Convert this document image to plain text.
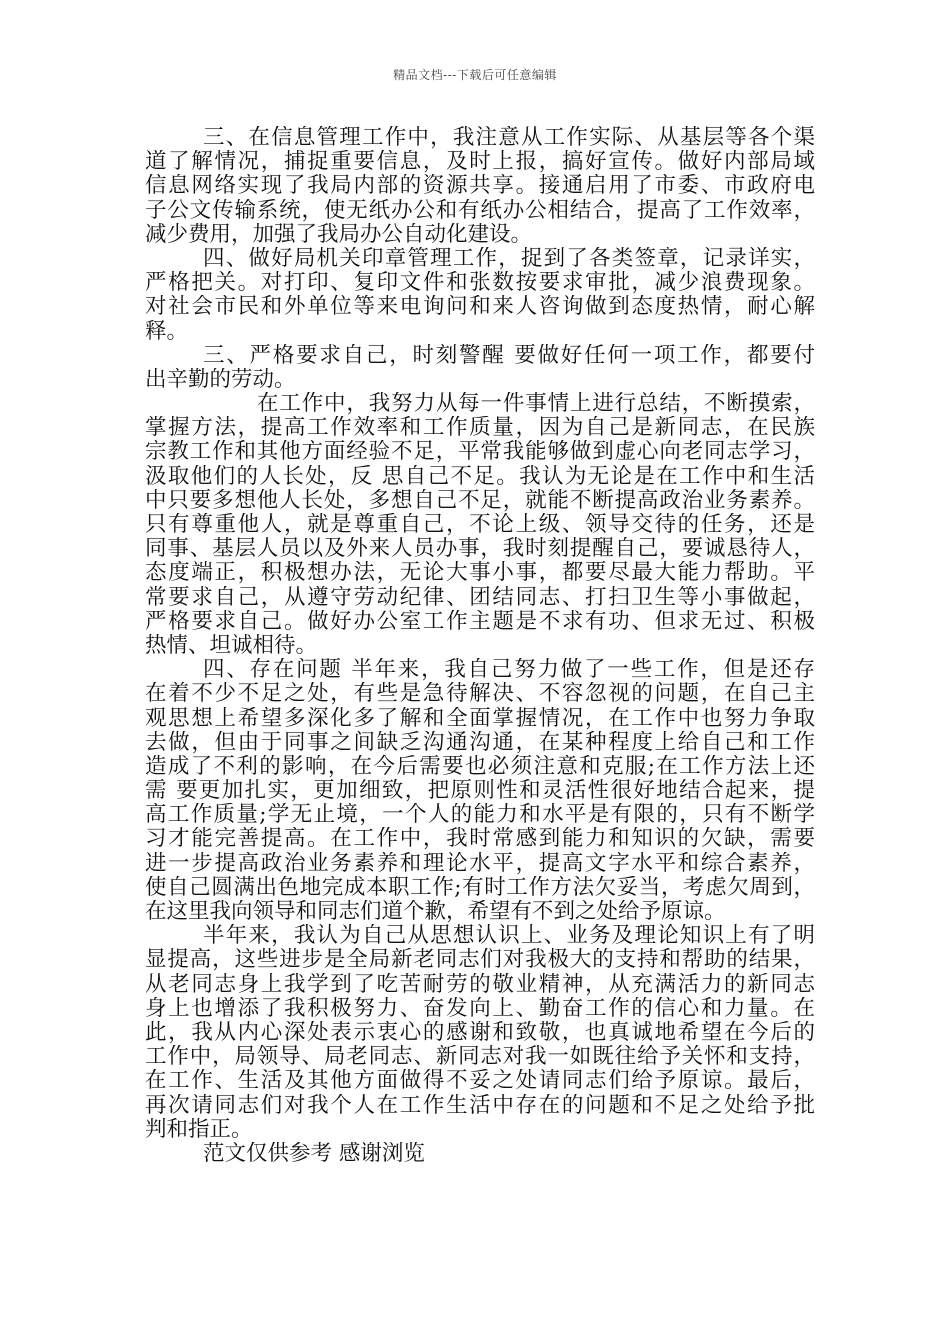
精品文档---下载后可任意编辑
三、在信息管理工作中，我注意从工作实际、从基层等各个渠
道了解情况，捕捉重要信息，及时上报，搞好宣传。做好内部局域
信息网络实现了我局内部的资源共享。接通启用了市委、市政府电
子公文传输系统，使无纸办公和有纸办公相结合，提高了工作效率，
减少费用，加强了我局办公自动化建设。
四、做好局机关印章管理工作，捉到了各类签章，记录详实，
严格把关。对打印、复印文件和张数按要求审批，减少浪费现象。
对社会市民和外单位等来电询问和来人咨询做到态度热情，耐心解
释。
三、严格要求自己，时刻警醒 要做好任何一项工作，都要付
出辛勤的劳动。
在工作中，我努力从每一件事情上进行总结，不断摸索，
掌握方法，提高工作效率和工作质量，因为自己是新同志，在民族
宗教工作和其他方面经验不足，平常我能够做到虚心向老同志学习，
汲取他们的人长处，反 思自己不足。我认为无论是在工作中和生活
中只要多想他人长处，多想自己不足，就能不断提高政治业务素养。
只有尊重他人，就是尊重自己，不论上级、领导交待的任务，还是
同事、基层人员以及外来人员办事，我时刻提醒自己，要诚恳待人，
态度端正，积极想办法，无论大事小事，都要尽最大能力帮助。平
常要求自己，从遵守劳动纪律、团结同志、打扫卫生等小事做起，
严格要求自己。做好办公室工作主题是不求有功、但求无过、积极
热情、坦诚相待。
四、存在问题 半年来，我自己努力做了一些工作，但是还存
在着不少不足之处，有些是急待解决、不容忽视的问题，在自己主
观思想上希望多深化多了解和全面掌握情况，在工作中也努力争取
去做，但由于同事之间缺乏沟通沟通，在某种程度上给自己和工作
造成了不利的影响，在今后需要也必须注意和克服;在工作方法上还
需 要更加扎实，更加细致，把原则性和灵活性很好地结合起来，提
高工作质量;学无止境，一个人的能力和水平是有限的，只有不断学
习才能完善提高。在工作中，我时常感到能力和知识的欠缺，需要
进一步提高政治业务素养和理论水平，提高文字水平和综合素养，
使自己圆满出色地完成本职工作;有时工作方法欠妥当，考虑欠周到，
在这里我向领导和同志们道个歉，希望有不到之处给予原谅。
半年来，我认为自己从思想认识上、业务及理论知识上有了明
显提高，这些进步是全局新老同志们对我极大的支持和帮助的结果，
从老同志身上我学到了吃苦耐劳的敬业精神，从充满活力的新同志
身上也增添了我积极努力、奋发向上、勤奋工作的信心和力量。在
此，我从内心深处表示衷心的感谢和致敬，也真诚地希望在今后的
工作中，局领导、局老同志、新同志对我一如既往给予关怀和支持，
在工作、生活及其他方面做得不妥之处请同志们给予原谅。最后，
再次请同志们对我个人在工作生活中存在的问题和不足之处给予批
判和指正。
范文仅供参考 感谢浏览
